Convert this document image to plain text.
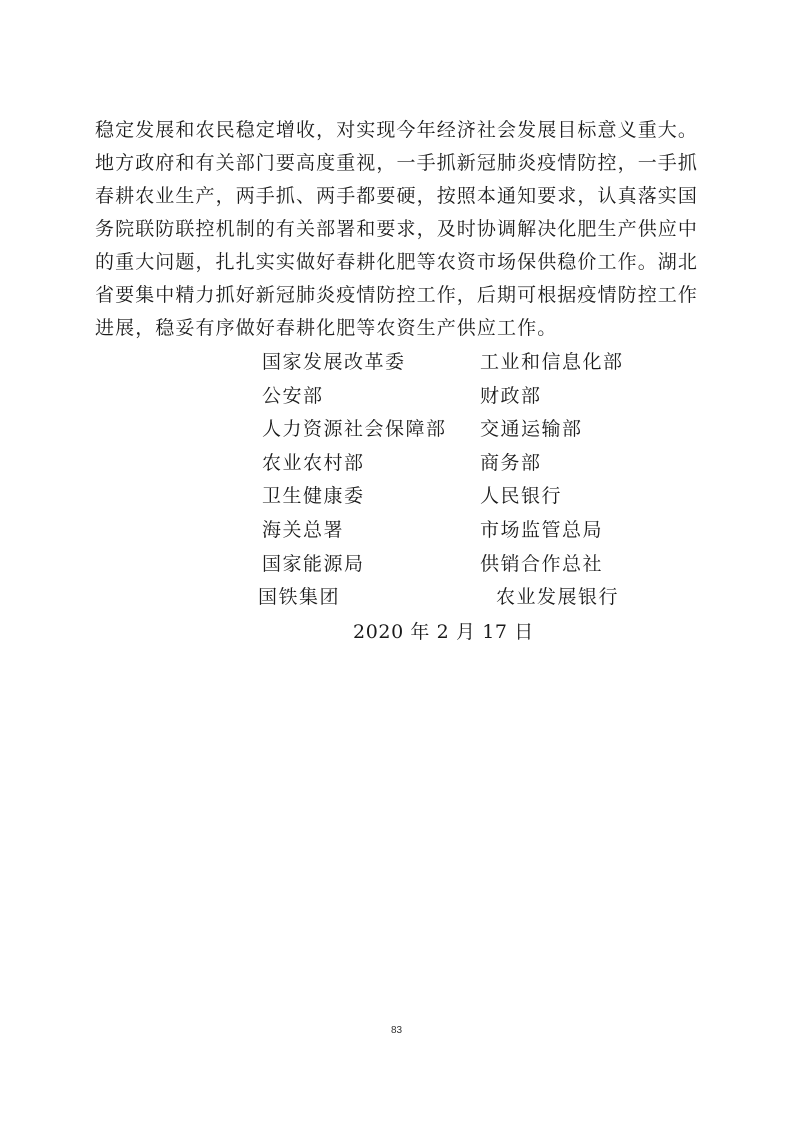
稳定发展和农民稳定增收，对实现今年经济社会发展目标意义重大。
地方政府和有关部门要高度重视，一手抓新冠肺炎疫情防控，一手抓
春耕农业生产，两手抓、两手都要硬，按照本通知要求，认真落实国
务院联防联控机制的有关部署和要求，及时协调解决化肥生产供应中
的重大问题，扎扎实实做好春耕化肥等农资市场保供稳价工作。湖北
省要集中精力抓好新冠肺炎疫情防控工作，后期可根据疫情防控工作
进展，稳妥有序做好春耕化肥等农资生产供应工作。
国家发展改革委	工业和信息化部
公安部	财政部
人力资源社会保障部 交通运输部
农业农村部	商务部
卫生健康委	人民银行
海关总署	市场监管总局
国家能源局	供销合作总社
国铁集团	农业发展银行
2020 年 2 月 17 日
83
